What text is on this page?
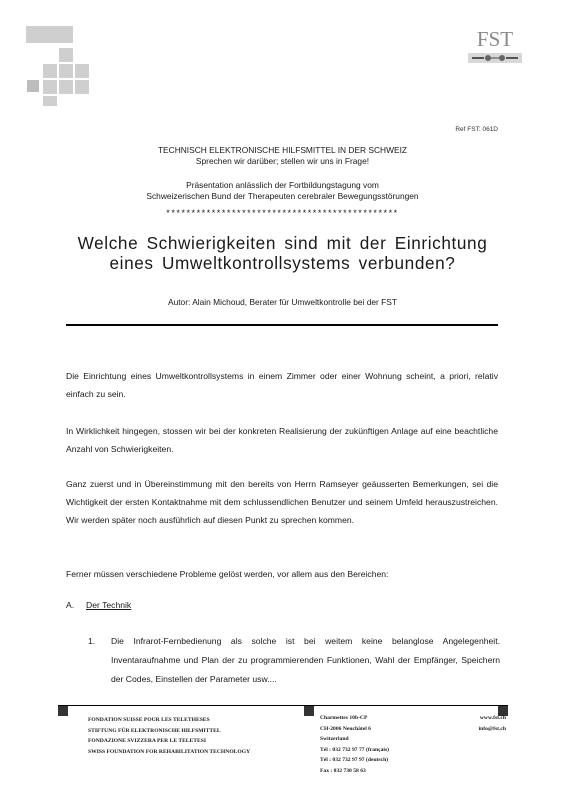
FST
Ref FST: 061D
TECHNISCH ELEKTRONISCHE HILFSMITTEL IN DER SCHWEIZ
Sprechen wir darüber; stellen wir uns in Frage!
Präsentation anlässlich der Fortbildungstagung vom
Schweizerischen Bund der Therapeuten cerebraler Bewegungsstörungen
**********************************************
Welche Schwierigkeiten sind mit der Einrichtung
eines Umweltkontrollsystems verbunden?
Autor: Alain Michoud, Berater für Umweltkontrolle bei der FST

Die Einrichtung eines Umweltkontrollsystems in einem Zimmer oder einer Wohnung scheint, a priori, relativ einfach zu sein.

In Wirklichkeit hingegen, stossen wir bei der konkreten Realisierung der zukünftigen Anlage auf eine beachtliche Anzahl von Schwierigkeiten.

Ganz zuerst und in Übereinstimmung mit den bereits von Herrn Ramseyer geäusserten Bemerkungen, sei die Wichtigkeit der ersten Kontaktnahme mit dem schlussendlichen Benutzer und seinem Umfeld herauszustreichen. Wir werden später noch ausführlich auf diesen Punkt zu sprechen kommen.

Ferner müssen verschiedene Probleme gelöst werden, vor allem aus den Bereichen:

A. Der Technik
1. Die Infrarot-Fernbedienung als solche ist bei weitem keine belanglose Angelegenheit. Inventaraufnahme und Plan der zu programmierenden Funktionen, Wahl der Empfänger, Speichern der Codes, Einstellen der Parameter usw....
FONDATION SUISSE POUR LES TELETHESES
STIFTUNG FÜR ELEKTRONISCHE HILFSMITTEL
FONDAZIONE SVIZZERA PER LE TELETESI
SWISS FOUNDATION FOR REHABILITATION TECHNOLOGY
Charmettes 10b-CP
CH-2006 Neuchâtel 6
Switzerland
Tél : 032 732 97 77 (français)
Tél : 032 732 97 97 (deutsch)
Fax : 032 730 58 63
www.fst.ch
info@fst.ch
